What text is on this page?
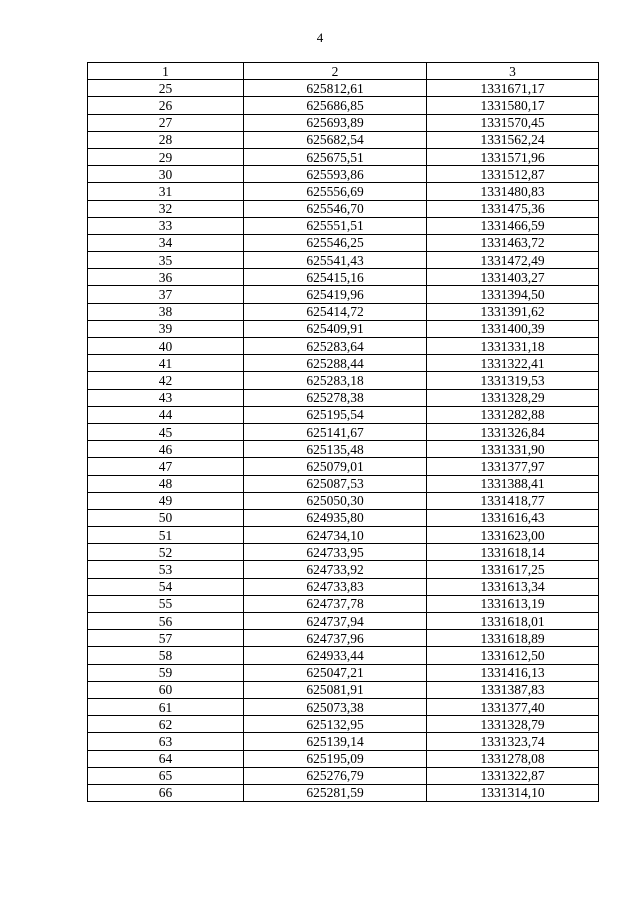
4
1	2	3
25	625812,61	1331671,17
26	625686,85	1331580,17
27	625693,89	1331570,45
28	625682,54	1331562,24
29	625675,51	1331571,96
30	625593,86	1331512,87
31	625556,69	1331480,83
32	625546,70	1331475,36
33	625551,51	1331466,59
34	625546,25	1331463,72
35	625541,43	1331472,49
36	625415,16	1331403,27
37	625419,96	1331394,50
38	625414,72	1331391,62
39	625409,91	1331400,39
40	625283,64	1331331,18
41	625288,44	1331322,41
42	625283,18	1331319,53
43	625278,38	1331328,29
44	625195,54	1331282,88
45	625141,67	1331326,84
46	625135,48	1331331,90
47	625079,01	1331377,97
48	625087,53	1331388,41
49	625050,30	1331418,77
50	624935,80	1331616,43
51	624734,10	1331623,00
52	624733,95	1331618,14
53	624733,92	1331617,25
54	624733,83	1331613,34
55	624737,78	1331613,19
56	624737,94	1331618,01
57	624737,96	1331618,89
58	624933,44	1331612,50
59	625047,21	1331416,13
60	625081,91	1331387,83
61	625073,38	1331377,40
62	625132,95	1331328,79
63	625139,14	1331323,74
64	625195,09	1331278,08
65	625276,79	1331322,87
66	625281,59	1331314,10
